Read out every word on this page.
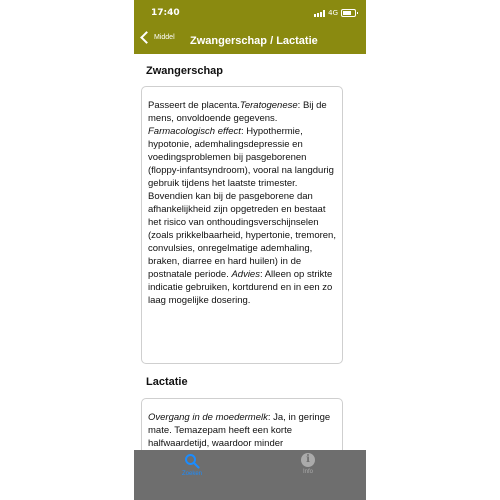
17:40	4G
Middel Zwangerschap / Lactatie
Zwangerschap
Passeert de placenta.Teratogenese: Bij de mens, onvoldoende gegevens. Farmacologisch effect: Hypothermie, hypotonie, ademhalingsdepressie en voedingsproblemen bij pasgeborenen (floppy-infantsyndroom), vooral na langdurig gebruik tijdens het laatste trimester. Bovendien kan bij de pasgeborene dan afhankelijkheid zijn opgetreden en bestaat het risico van onthoudingsverschijnselen (zoals prikkelbaarheid, hypertonie, tremoren, convulsies, onregelmatige ademhaling, braken, diarree en hard huilen) in de postnatale periode. Advies: Alleen op strikte indicatie gebruiken, kortdurend en in een zo laag mogelijke dosering.
Lactatie
Overgang in de moedermelk: Ja, in geringe mate. Temazepam heeft een korte halfwaardetijd, waardoor minder
Zoeken
i
Info
